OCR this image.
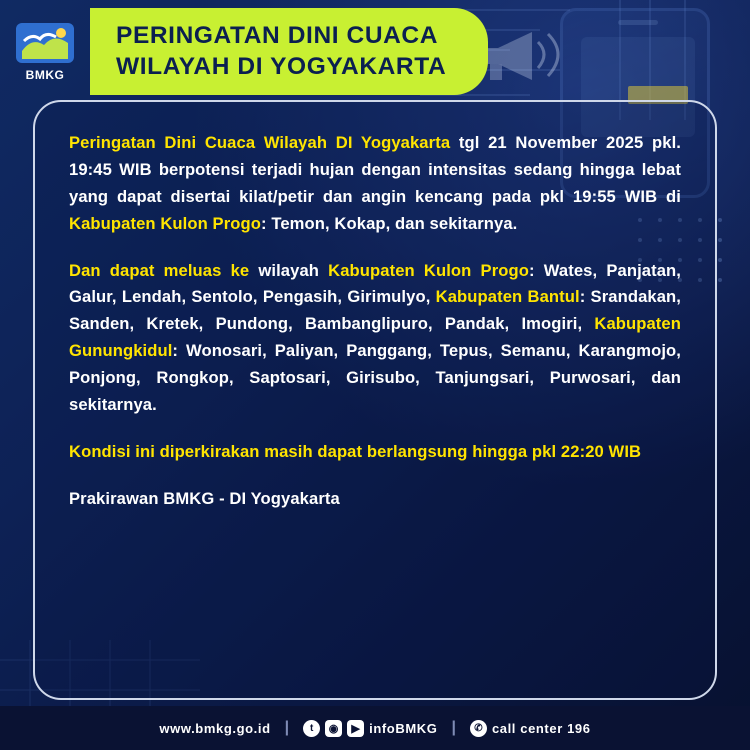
BMKG
PERINGATAN DINI CUACA
WILAYAH DI YOGYAKARTA

Peringatan Dini Cuaca Wilayah DI Yogyakarta tgl 21 November 2025 pkl. 19:45 WIB berpotensi terjadi hujan dengan intensitas sedang hingga lebat yang dapat disertai kilat/petir dan angin kencang pada pkl 19:55 WIB di Kabupaten Kulon Progo: Temon, Kokap, dan sekitarnya.

Dan dapat meluas ke wilayah Kabupaten Kulon Progo: Wates, Panjatan, Galur, Lendah, Sentolo, Pengasih, Girimulyo, Kabupaten Bantul: Srandakan, Sanden, Kretek, Pundong, Bambanglipuro, Pandak, Imogiri, Kabupaten Gunungkidul: Wonosari, Paliyan, Panggang, Tepus, Semanu, Karangmojo, Ponjong, Rongkop, Saptosari, Girisubo, Tanjungsari, Purwosari, dan sekitarnya.

Kondisi ini diperkirakan masih dapat berlangsung hingga pkl 22:20 WIB

Prakirawan BMKG - DI Yogyakarta

www.bmkg.go.id |	t	◉	▶ infoBMKG |	✆ call center 196
